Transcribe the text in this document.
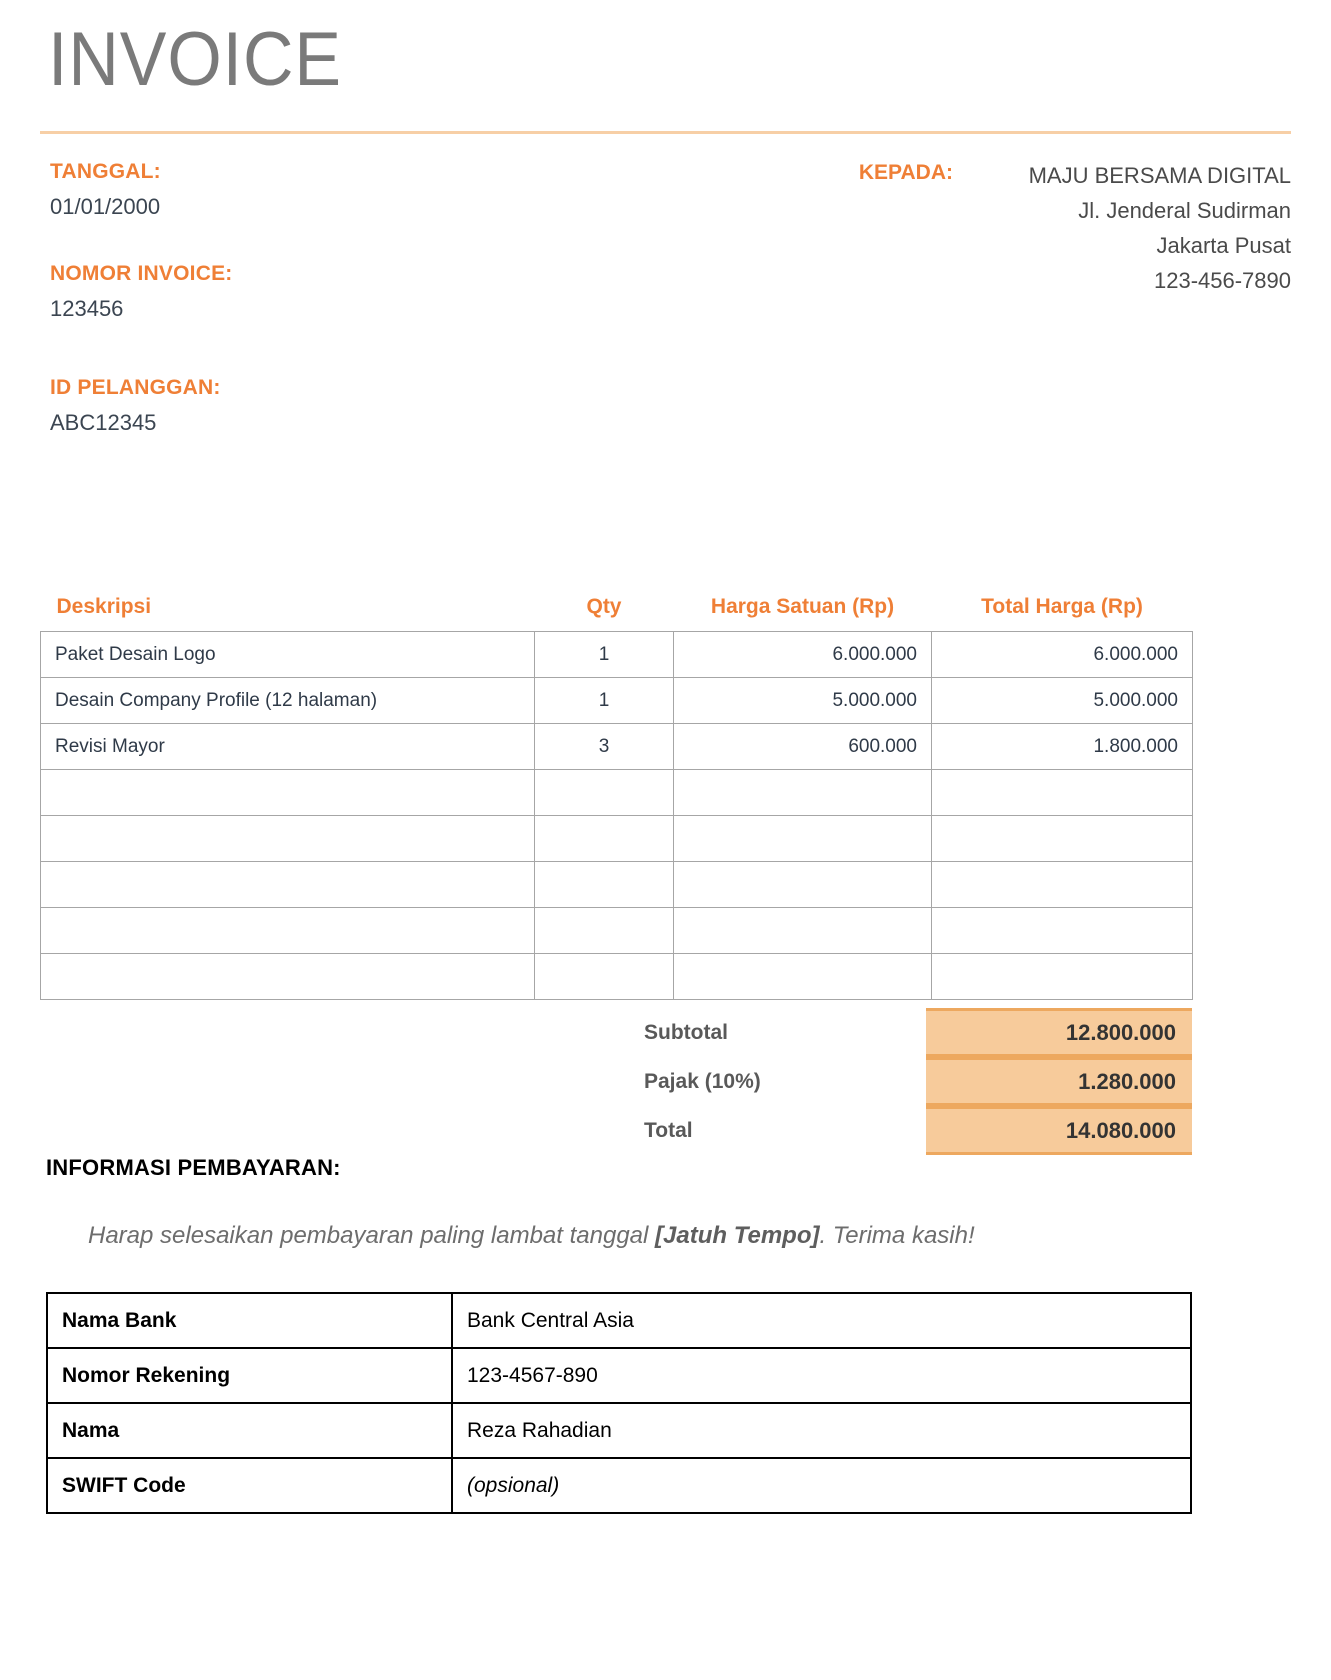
INVOICE
TANGGAL:
01/01/2000
NOMOR INVOICE:
123456
ID PELANGGAN:
ABC12345
KEPADA:	MAJU BERSAMA DIGITAL
Jl. Jenderal Sudirman
Jakarta Pusat
123-456-7890
Deskripsi	Qty	Harga Satuan (Rp)	Total Harga (Rp)
Paket Desain Logo	1	6.000.000	6.000.000
Desain Company Profile (12 halaman)	1	5.000.000	5.000.000
Revisi Mayor	3	600.000	1.800.000

Subtotal	12.800.000
Pajak (10%)	1.280.000
Total	14.080.000
INFORMASI PEMBAYARAN:
Harap selesaikan pembayaran paling lambat tanggal [Jatuh Tempo]. Terima kasih!
Nama Bank	Bank Central Asia
Nomor Rekening	123-4567-890
Nama	Reza Rahadian
SWIFT Code	(opsional)
